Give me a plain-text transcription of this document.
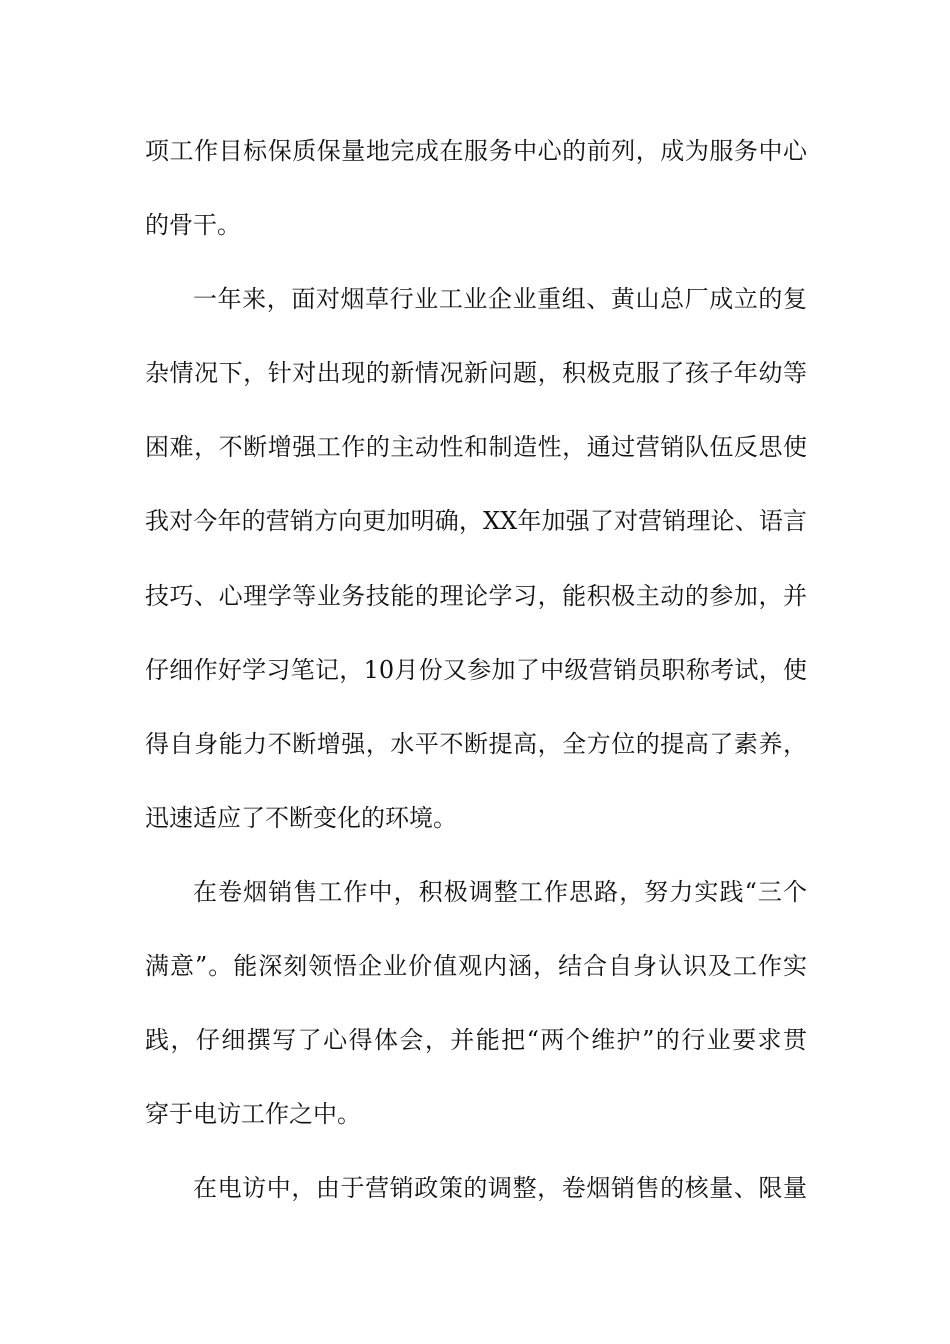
项工作目标保质保量地完成在服务中心的前列，成为服务中心
的骨干。
一年来，面对烟草行业工业企业重组、黄山总厂成立的复
杂情况下，针对出现的新情况新问题，积极克服了孩子年幼等
困难，不断增强工作的主动性和制造性，通过营销队伍反思使
我对今年的营销方向更加明确，XX年加强了对营销理论、语言
技巧、心理学等业务技能的理论学习，能积极主动的参加，并
仔细作好学习笔记，10月份又参加了中级营销员职称考试，使
得自身能力不断增强，水平不断提高，全方位的提高了素养，
迅速适应了不断变化的环境。
在卷烟销售工作中，积极调整工作思路，努力实践“三个
满意”。能深刻领悟企业价值观内涵，结合自身认识及工作实
践，仔细撰写了心得体会，并能把“两个维护”的行业要求贯
穿于电访工作之中。
在电访中，由于营销政策的调整，卷烟销售的核量、限量
